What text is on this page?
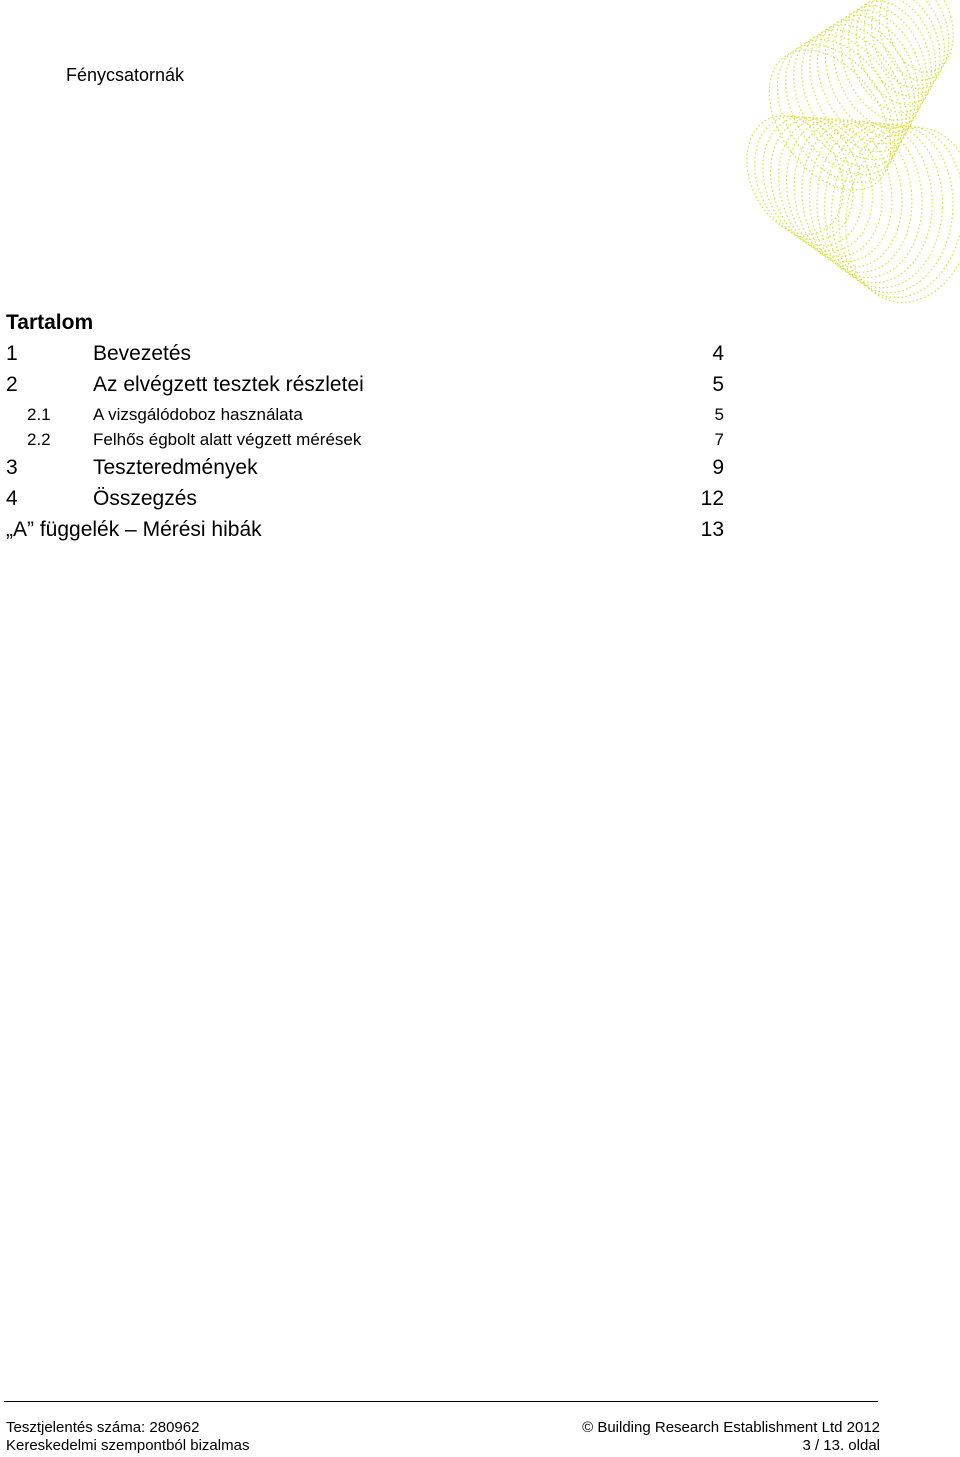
Fénycsatornák
Tartalom
1	Bevezetés	4
2	Az elvégzett tesztek részletei	5
2.1 A vizsgálódoboz használata	5
2.2 Felhős égbolt alatt végzett mérések	7
3	Teszteredmények	9
4	Összegzés	12
„A” függelék – Mérési hibák	13
Tesztjelentés száma: 280962
Kereskedelmi szempontból bizalmas
© Building Research Establishment Ltd 2012
3 / 13. oldal
